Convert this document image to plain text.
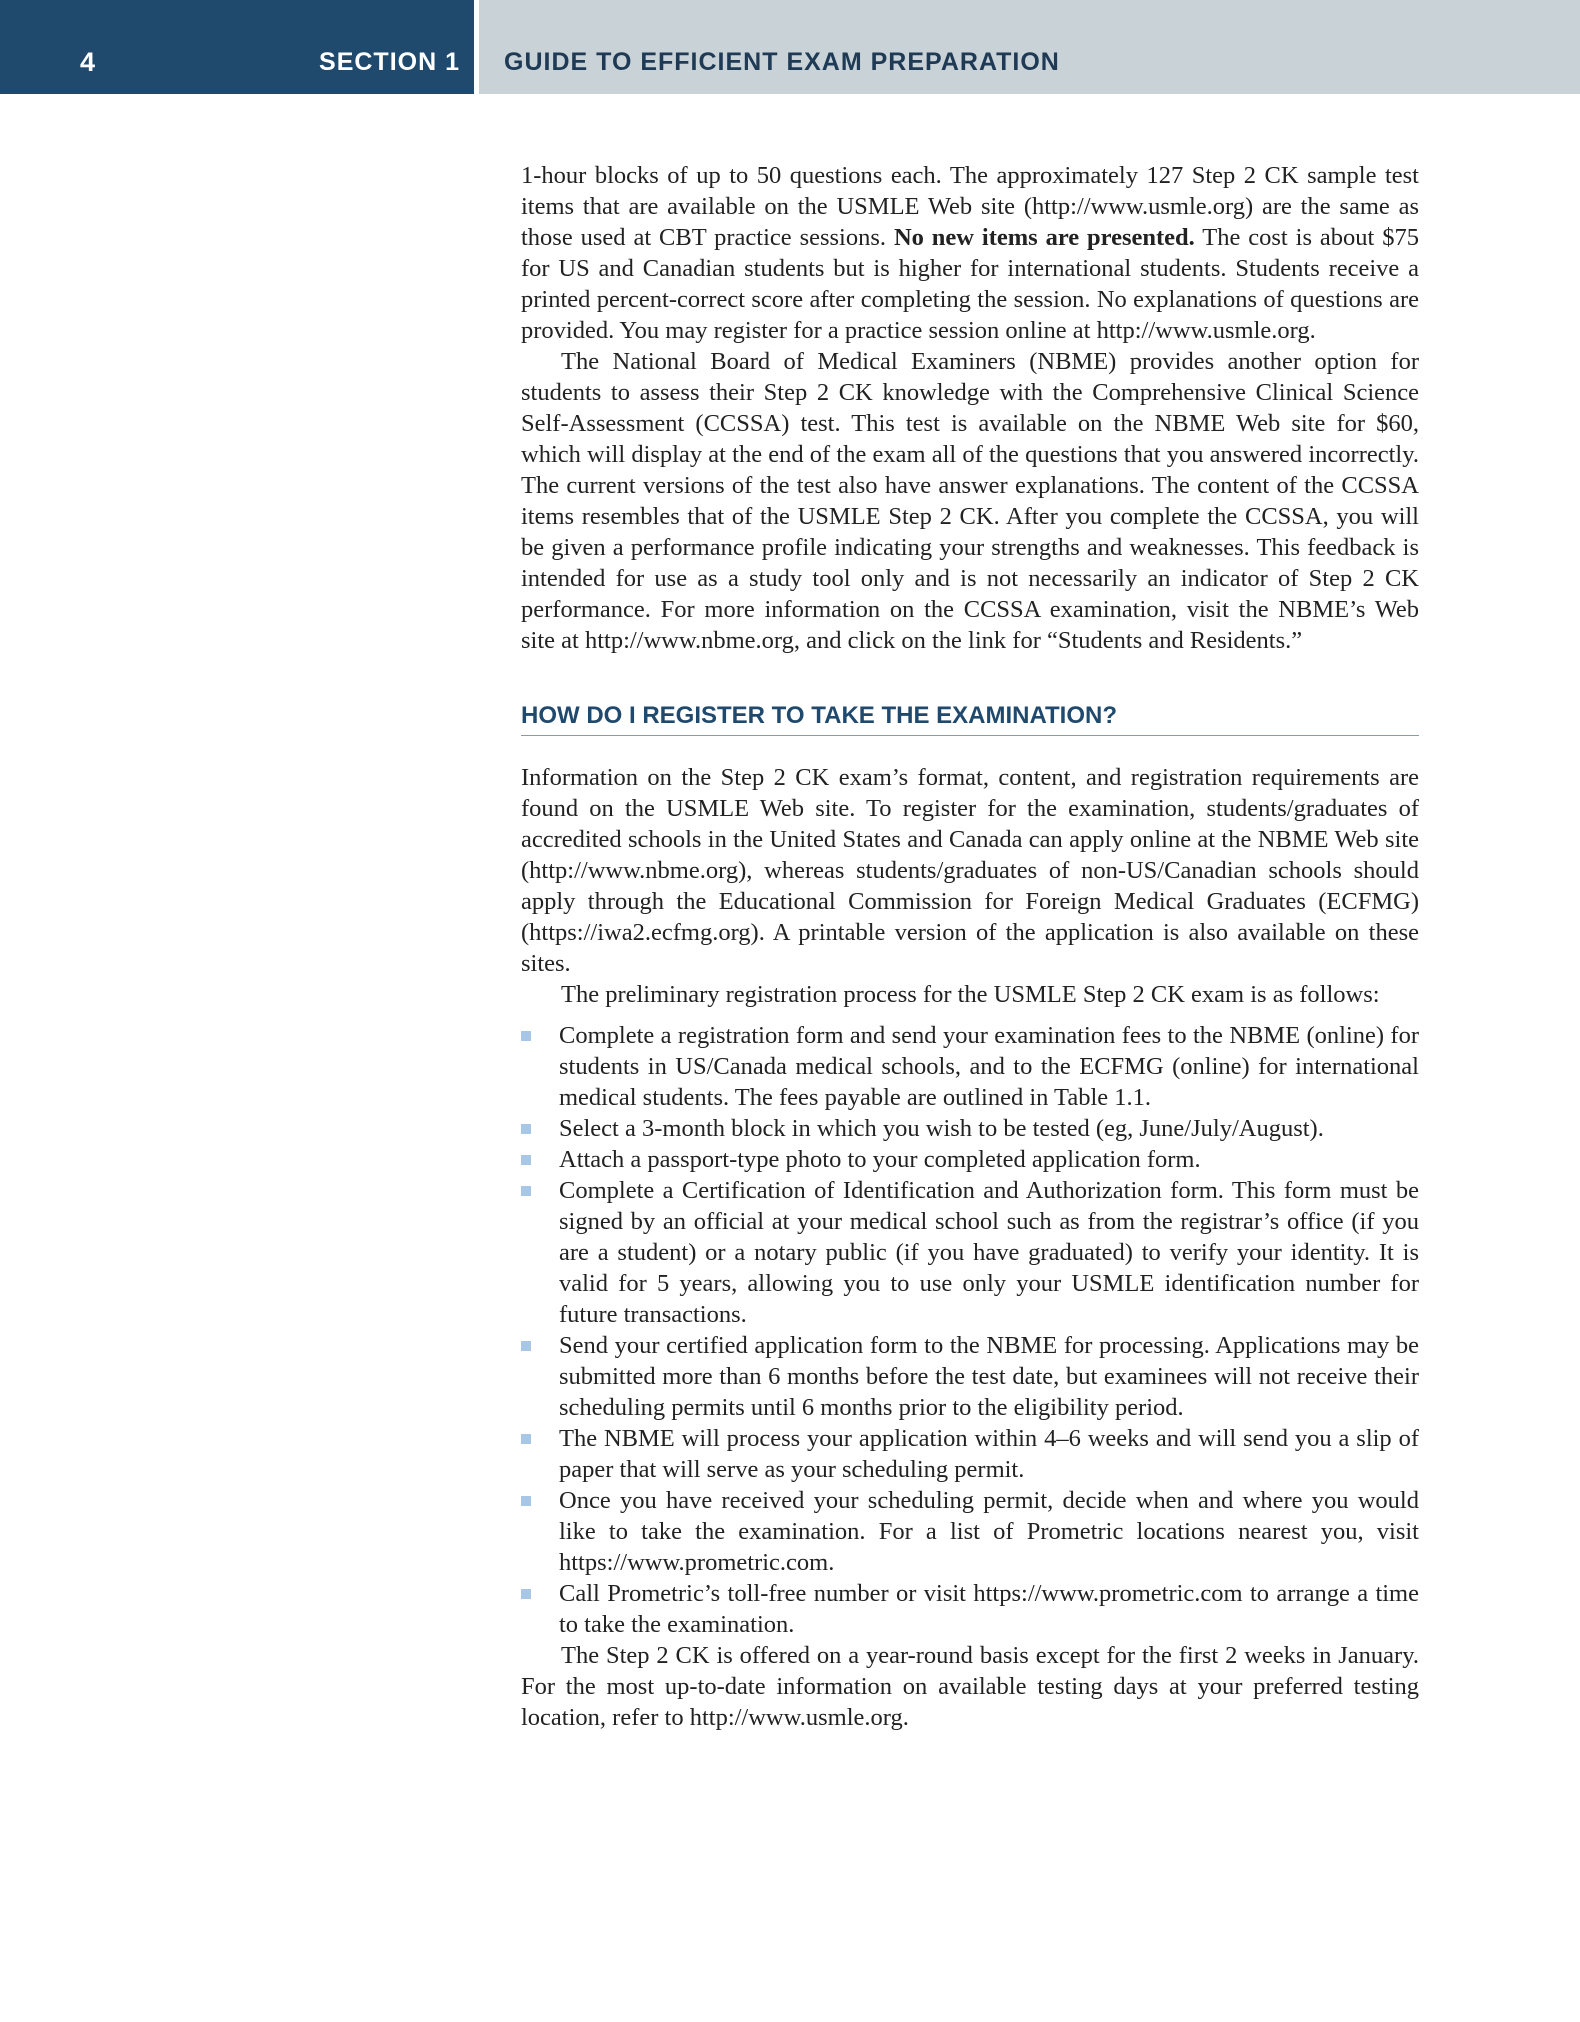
4	SECTION 1 GUIDE TO EFFICIENT EXAM PREPARATION

1-hour blocks of up to 50 questions each. The approximately 127 Step 2 CK sample test items that are available on the USMLE Web site (http://www.usmle.org) are the same as those used at CBT practice sessions. No new items are presented. The cost is about $75 for US and Canadian students but is higher for international students. Students receive a printed percent-correct score after completing the session. No explanations of questions are provided. You may register for a practice session online at http://www.usmle.org.

The National Board of Medical Examiners (NBME) provides another option for students to assess their Step 2 CK knowledge with the Comprehensive Clinical Science Self-Assessment (CCSSA) test. This test is available on the NBME Web site for $60, which will display at the end of the exam all of the questions that you answered incorrectly. The current versions of the test also have answer explanations. The content of the CCSSA items resembles that of the USMLE Step 2 CK. After you complete the CCSSA, you will be given a performance profile indicating your strengths and weaknesses. This feedback is intended for use as a study tool only and is not necessarily an indicator of Step 2 CK performance. For more information on the CCSSA examination, visit the NBME’s Web site at http://www.nbme.org, and click on the link for “Students and Residents.”

HOW DO I REGISTER TO TAKE THE EXAMINATION?

Information on the Step 2 CK exam’s format, content, and registration requirements are found on the USMLE Web site. To register for the examination, students/graduates of accredited schools in the United States and Canada can apply online at the NBME Web site (http://www.nbme.org), whereas students/graduates of non-US/Canadian schools should apply through the Educational Commission for Foreign Medical Graduates (ECFMG) (https://iwa2.ecfmg.org). A printable version of the application is also available on these sites.

The preliminary registration process for the USMLE Step 2 CK exam is as follows:

Complete a registration form and send your examination fees to the NBME (online) for students in US/Canada medical schools, and to the ECFMG (online) for international medical students. The fees payable are outlined in Table 1.1.
Select a 3-month block in which you wish to be tested (eg, June/July/August).
Attach a passport-type photo to your completed application form.
Complete a Certification of Identification and Authorization form. This form must be signed by an official at your medical school such as from the registrar’s office (if you are a student) or a notary public (if you have graduated) to verify your identity. It is valid for 5 years, allowing you to use only your USMLE identification number for future transactions.
Send your certified application form to the NBME for processing. Applications may be submitted more than 6 months before the test date, but examinees will not receive their scheduling permits until 6 months prior to the eligibility period.
The NBME will process your application within 4–6 weeks and will send you a slip of paper that will serve as your scheduling permit.
Once you have received your scheduling permit, decide when and where you would like to take the examination. For a list of Prometric locations nearest you, visit https://www.prometric.com.
Call Prometric’s toll-free number or visit https://www.prometric.com to arrange a time to take the examination.

The Step 2 CK is offered on a year-round basis except for the first 2 weeks in January. For the most up-to-date information on available testing days at your preferred testing location, refer to http://www.usmle.org.
